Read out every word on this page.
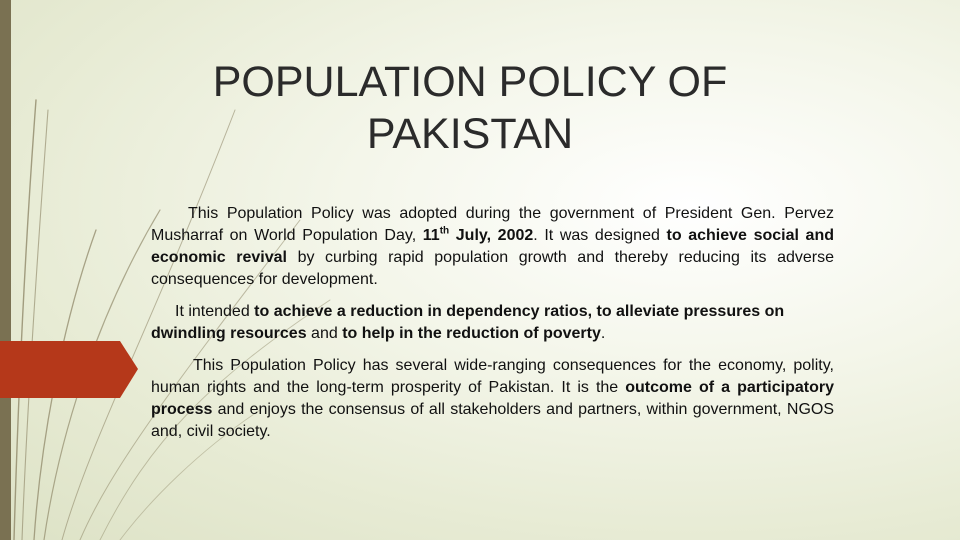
POPULATION POLICY OF
PAKISTAN

This Population Policy was adopted during the government of President Gen. Pervez Musharraf on World Population Day, 11th July, 2002. It was designed to achieve social and economic revival by curbing rapid population growth and thereby reducing its adverse consequences for development.

It intended to achieve a reduction in dependency ratios, to alleviate pressures on dwindling resources and to help in the reduction of poverty.

This Population Policy has several wide-ranging consequences for the economy, polity, human rights and the long-term prosperity of Pakistan. It is the outcome of a participatory process and enjoys the consensus of all stakeholders and partners, within government, NGOS and, civil society.
